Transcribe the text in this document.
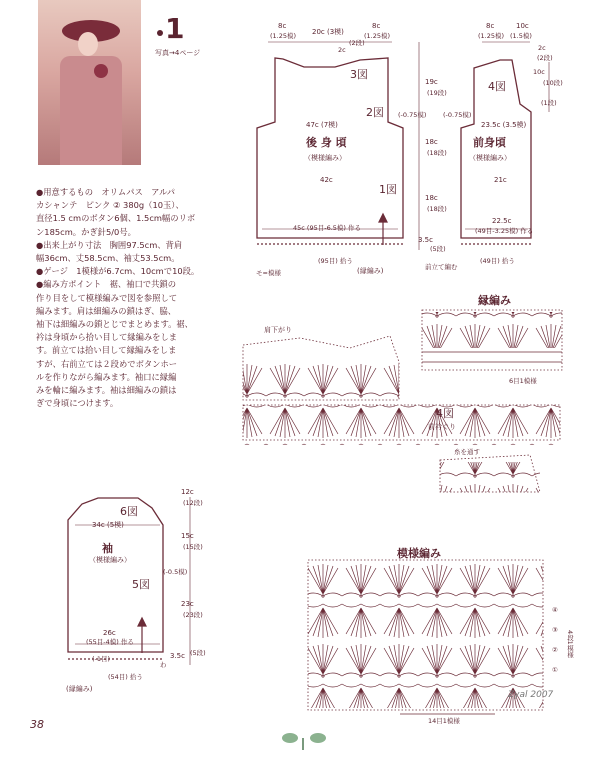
1
写真→4ページ

●用意するもの　オリムパス　アルパ

カシャンテ　ピンク ② 380g（10玉）、

直径1.5 cmのボタン6個、1.5cm幅のリボ

ン185cm。かぎ針5/0号。

●出来上がり寸法　胸囲97.5cm、背肩

幅36cm、丈58.5cm、袖丈53.5cm。

●ゲージ　1模様が6.7cm、10cmで10段。

●編み方ポイント　裾、袖口で共鎖の

作り目をして模様編みで図を参照して

編みます。肩は細編みの鎖はぎ、脇、

袖下は細編みの鎖とじでまとめます。裾、

衿は身頃から拾い目して縁編みをしま

す。前立ては拾い目して縁編みをしま

すが、右前立ては２段めでボタンホー

ルを作りながら編みます。袖口に縁編

みを輪に編みます。袖は細編みの鎖は

ぎで身頃につけます。

8c
(1.25模) 20c (3模)
8c
(1.25模)
2c
(2段)
3図
2図
47c (7模)
後 身 頃
（模様編み）
42c
1図
45c (95目-6.5模) 作る
(95目) 拾う
(縁編み)
モ=模様
19c
(19段)
(-0.75模)	(-0.75模)
18c
(18段)
18c
(18段)
3.5c
(5段)
8c
(1.25模)
10c
(1.5模)
2c
(2段)
10c
(10段)
(1段)
4図
23.5c (3.5模)
前身頃
（模様編み）
21c
22.5c
(49目-3.25模) 作る
(49目) 拾う
前立て編む
6図
34c (5模)
袖
（模様編み）
5図
12c
(12段)
15c
(15段)
(-0.5模)
23c
(23段)
3.5c (5段)
26c
(55目-4模) 作る
(-1目)
(54目) 拾う
(縁編み)
わ
肩下がり
縁編み
6目1模様
4図
前衿ぐり
糸を通す
模様編み
④
③
②
①
4段1模様
14目1模様
38
Zyal 2007
